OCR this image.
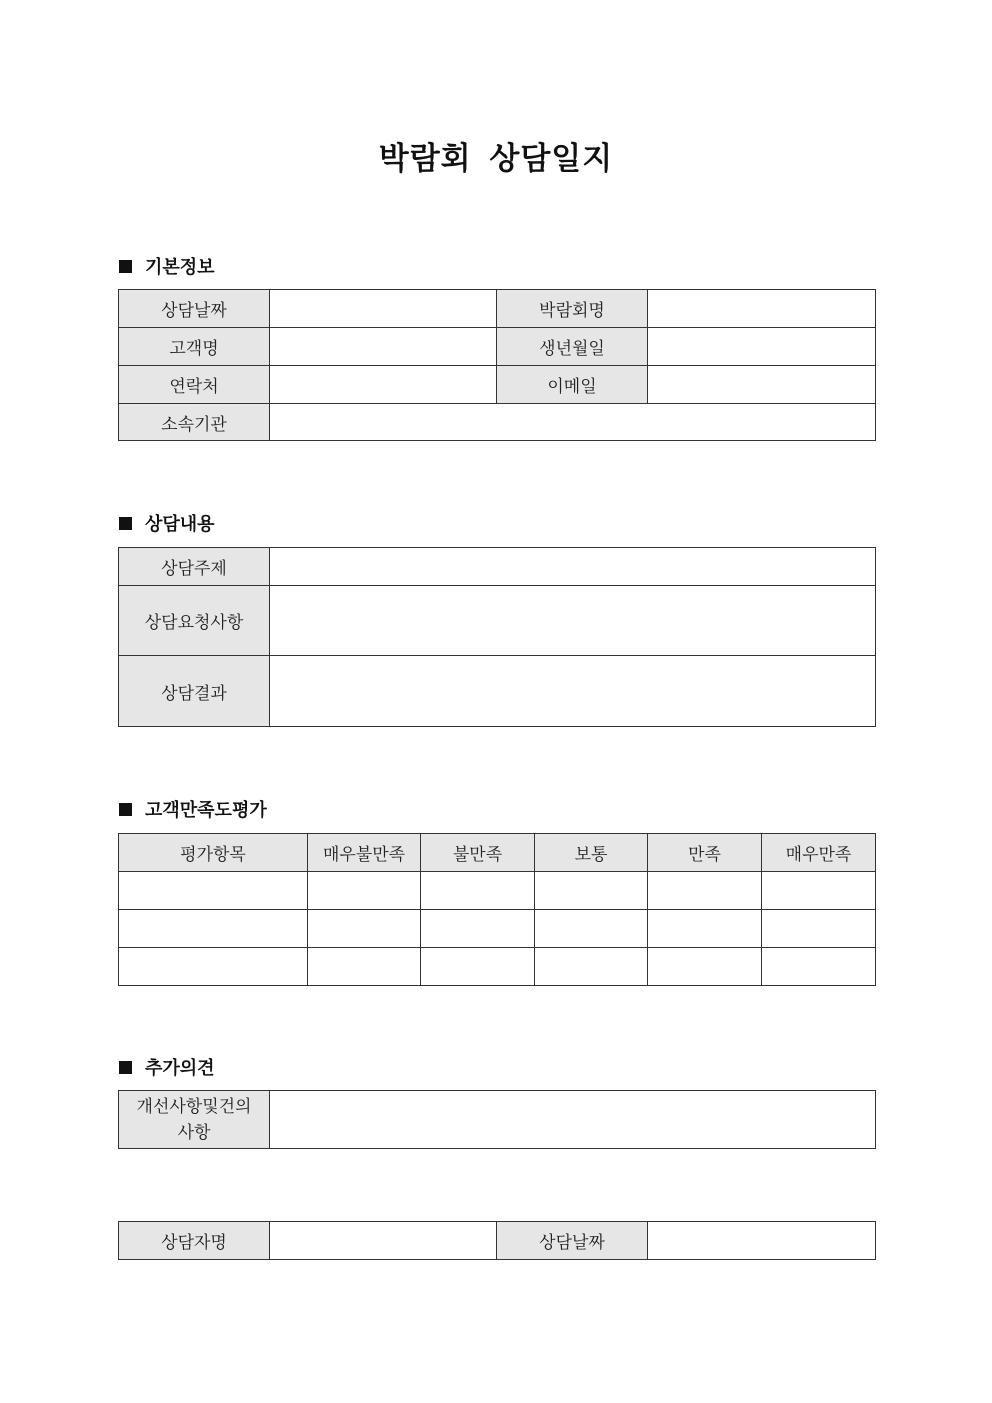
박람회 상담일지
기본정보
상담날짜		박람회명	
고객명		생년월일	
연락처		이메일	
소속기관			
상담내용
상담주제	
상담요청사항	
상담결과	
고객만족도평가
평가항목	매우불만족	불만족	보통	만족	매우만족

추가의견
개선사항및건의
사항

상담자명		상담날짜	
